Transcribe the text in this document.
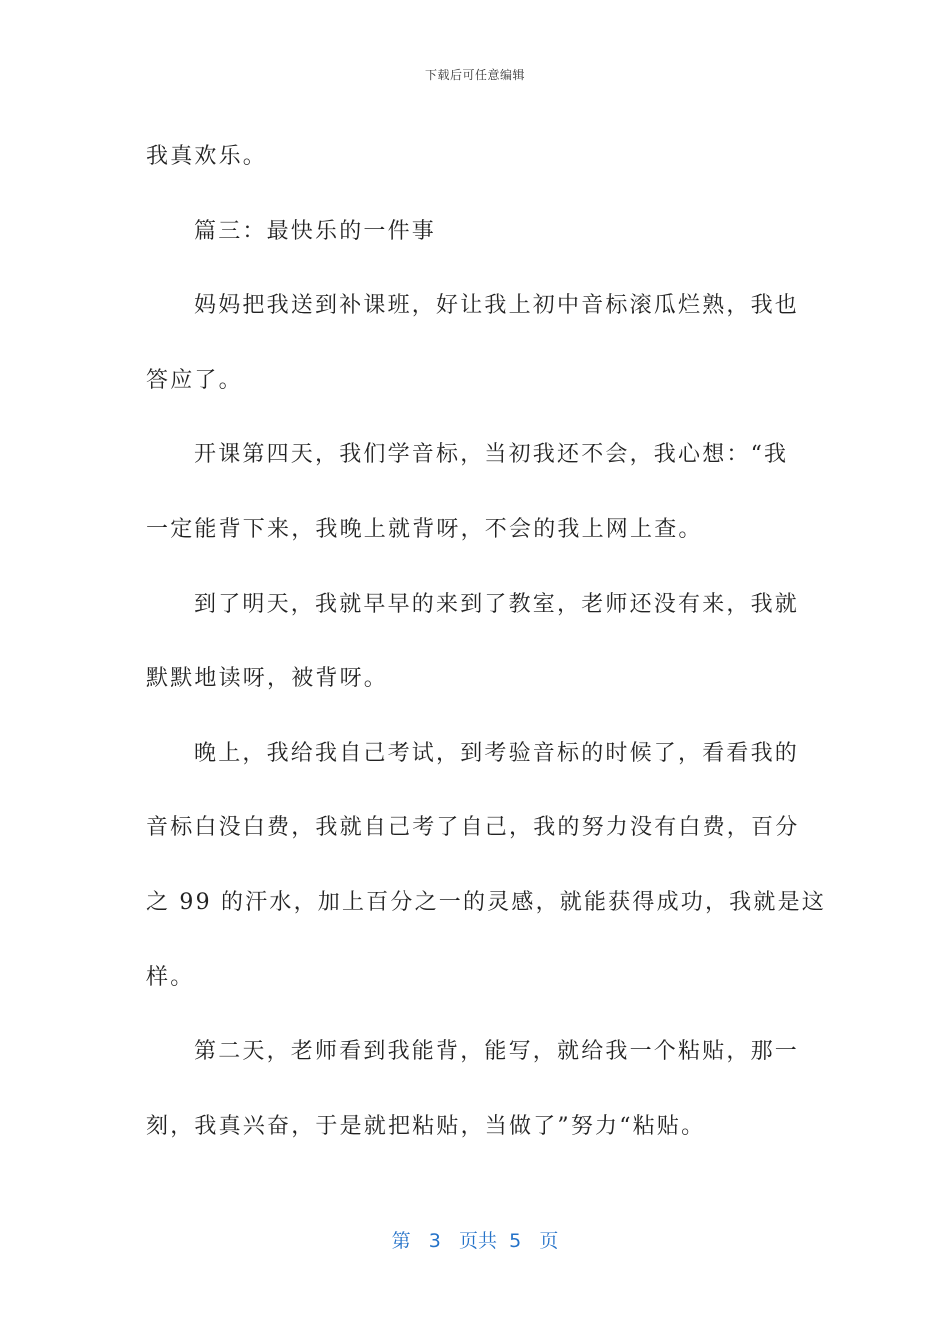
下载后可任意编辑
我真欢乐。
篇三：最快乐的一件事
妈妈把我送到补课班，好让我上初中音标滚瓜烂熟，我也
答应了。
开课第四天，我们学音标，当初我还不会，我心想：“我
一定能背下来，我晚上就背呀，不会的我上网上查。
到了明天，我就早早的来到了教室，老师还没有来，我就
默默地读呀，被背呀。
晚上，我给我自己考试，到考验音标的时候了，看看我的
音标白没白费，我就自己考了自己，我的努力没有白费，百分
之 99 的汗水，加上百分之一的灵感，就能获得成功，我就是这
样。
第二天，老师看到我能背，能写，就给我一个粘贴，那一
刻，我真兴奋，于是就把粘贴，当做了”努力“粘贴。
第 3 页共 5 页
